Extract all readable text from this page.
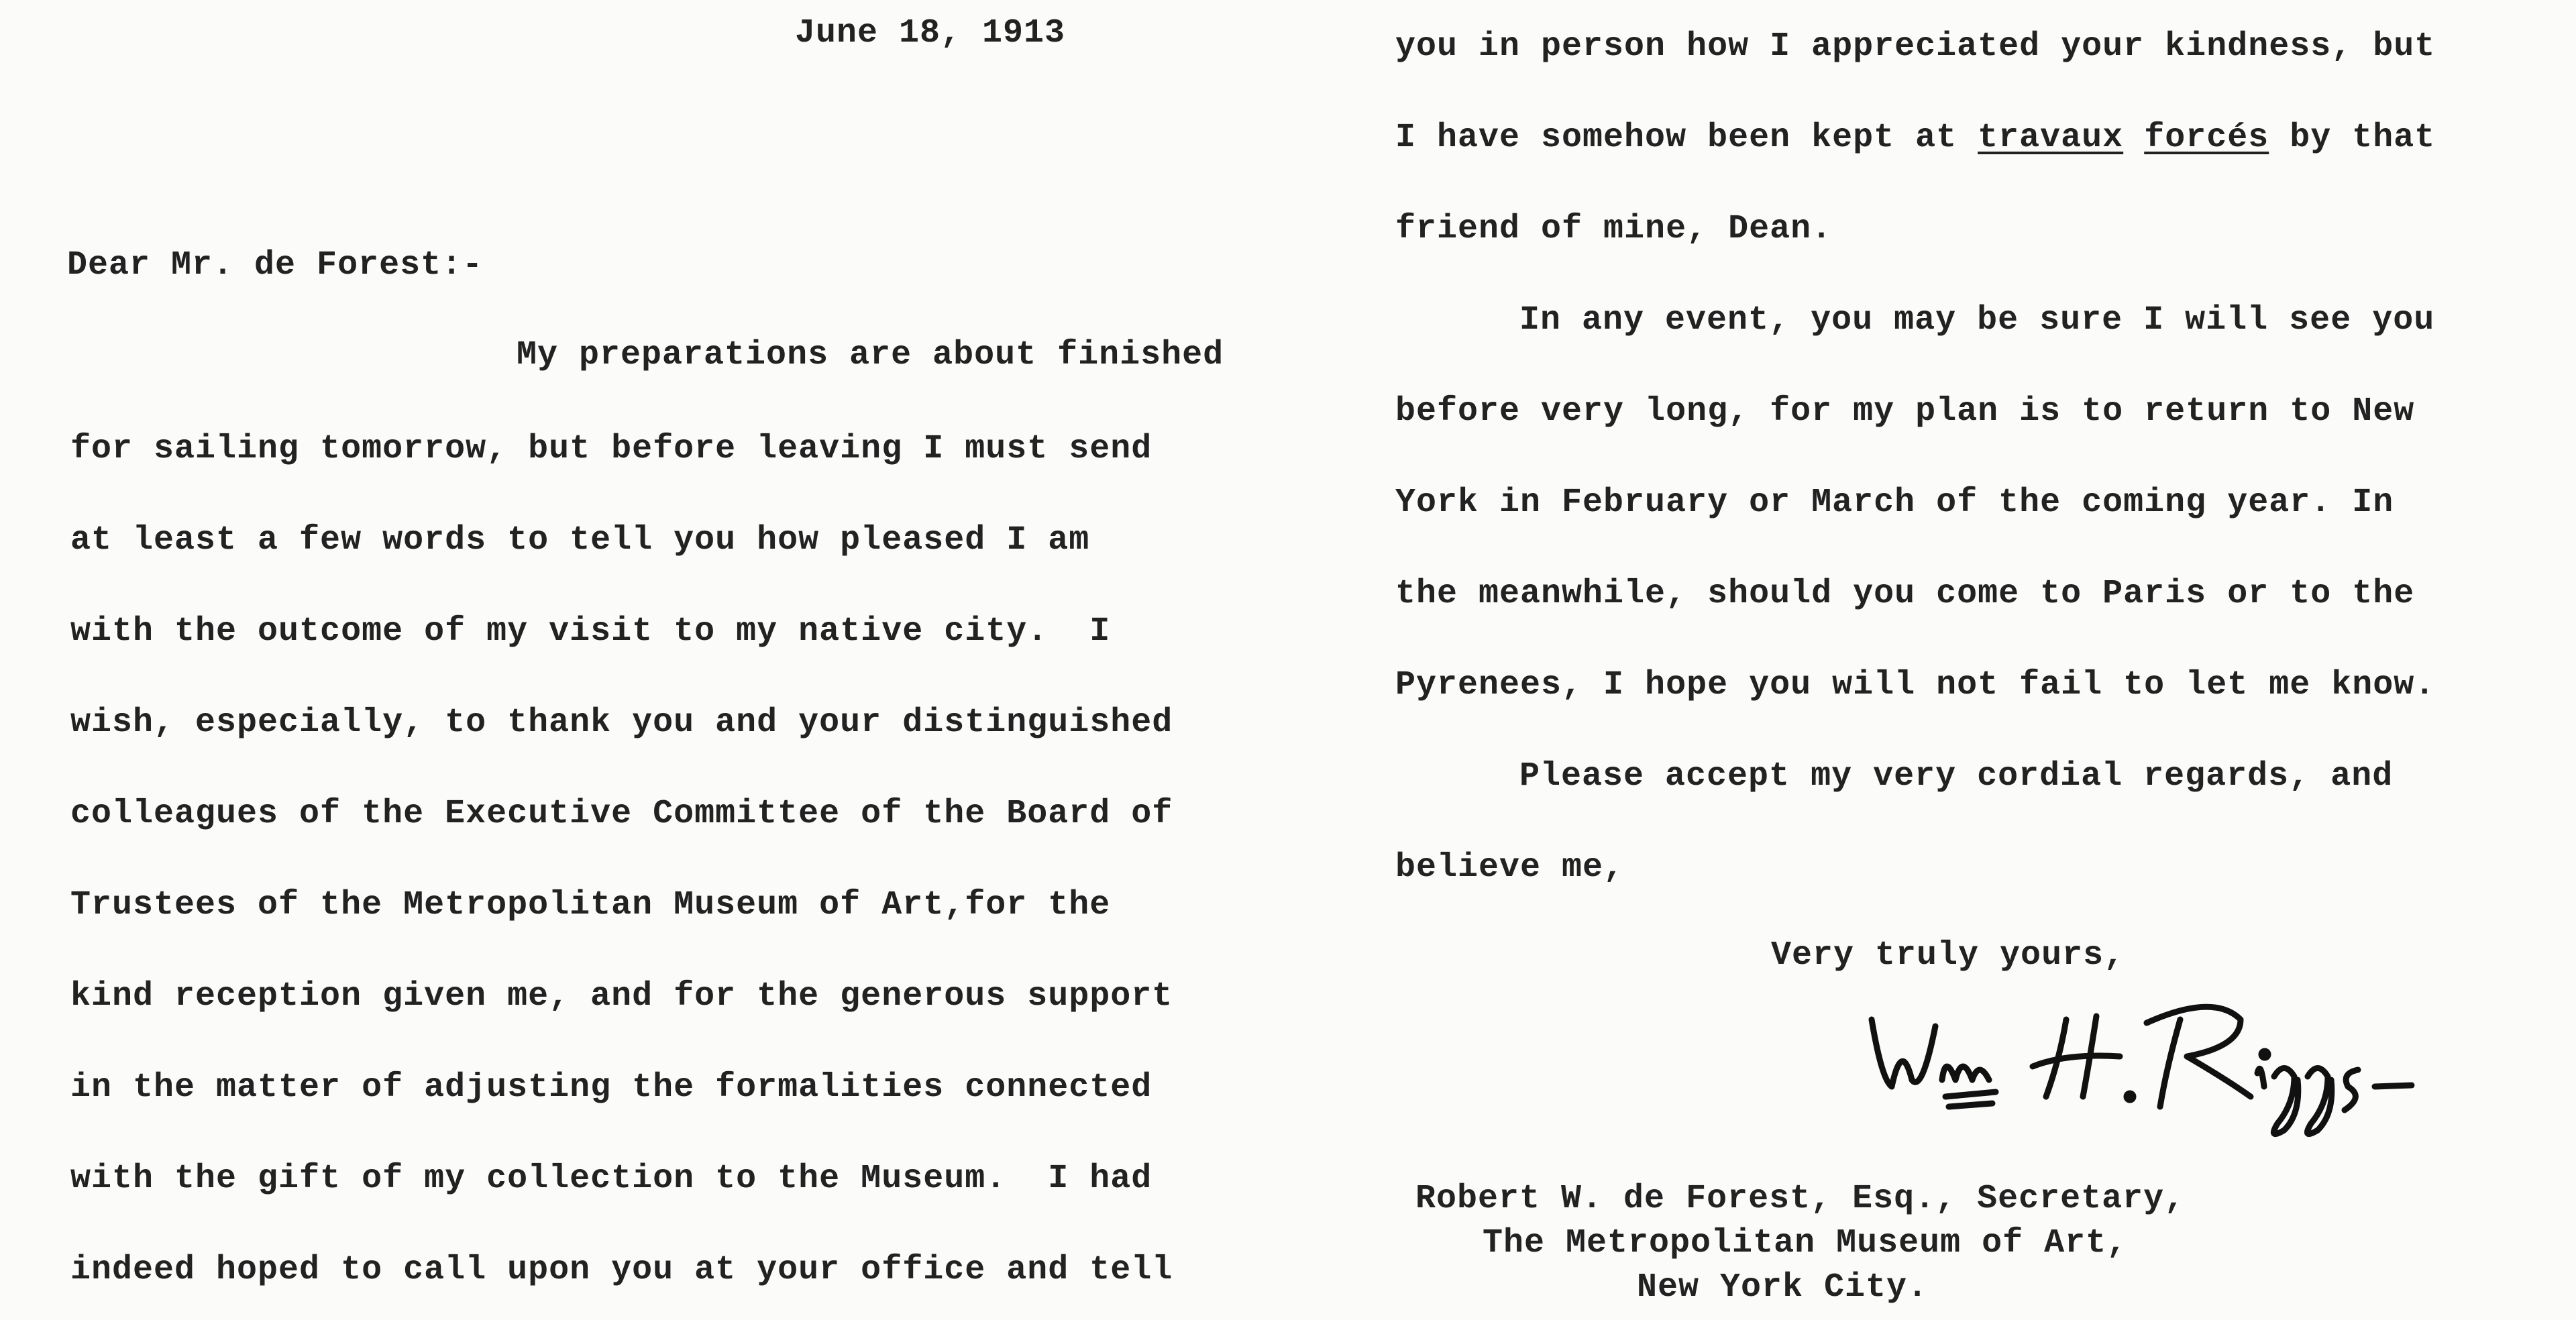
June 18, 1913
Dear Mr. de Forest:-
My preparations are about finished
for sailing tomorrow, but before leaving I must send
at least a few words to tell you how pleased I am
with the outcome of my visit to my native city.  I
wish, especially, to thank you and your distinguished
colleagues of the Executive Committee of the Board of
Trustees of the Metropolitan Museum of Art,for the
kind reception given me, and for the generous support
in the matter of adjusting the formalities connected
with the gift of my collection to the Museum.  I had
indeed hoped to call upon you at your office and tell
you in person how I appreciated your kindness, but
I have somehow been kept at travaux forcés by that
friend of mine, Dean.
In any event, you may be sure I will see you
before very long, for my plan is to return to New
York in February or March of the coming year. In
the meanwhile, should you come to Paris or to the
Pyrenees, I hope you will not fail to let me know.
Please accept my very cordial regards, and
believe me,
Very truly yours,
Robert W. de Forest, Esq., Secretary,
The Metropolitan Museum of Art,
New York City.
